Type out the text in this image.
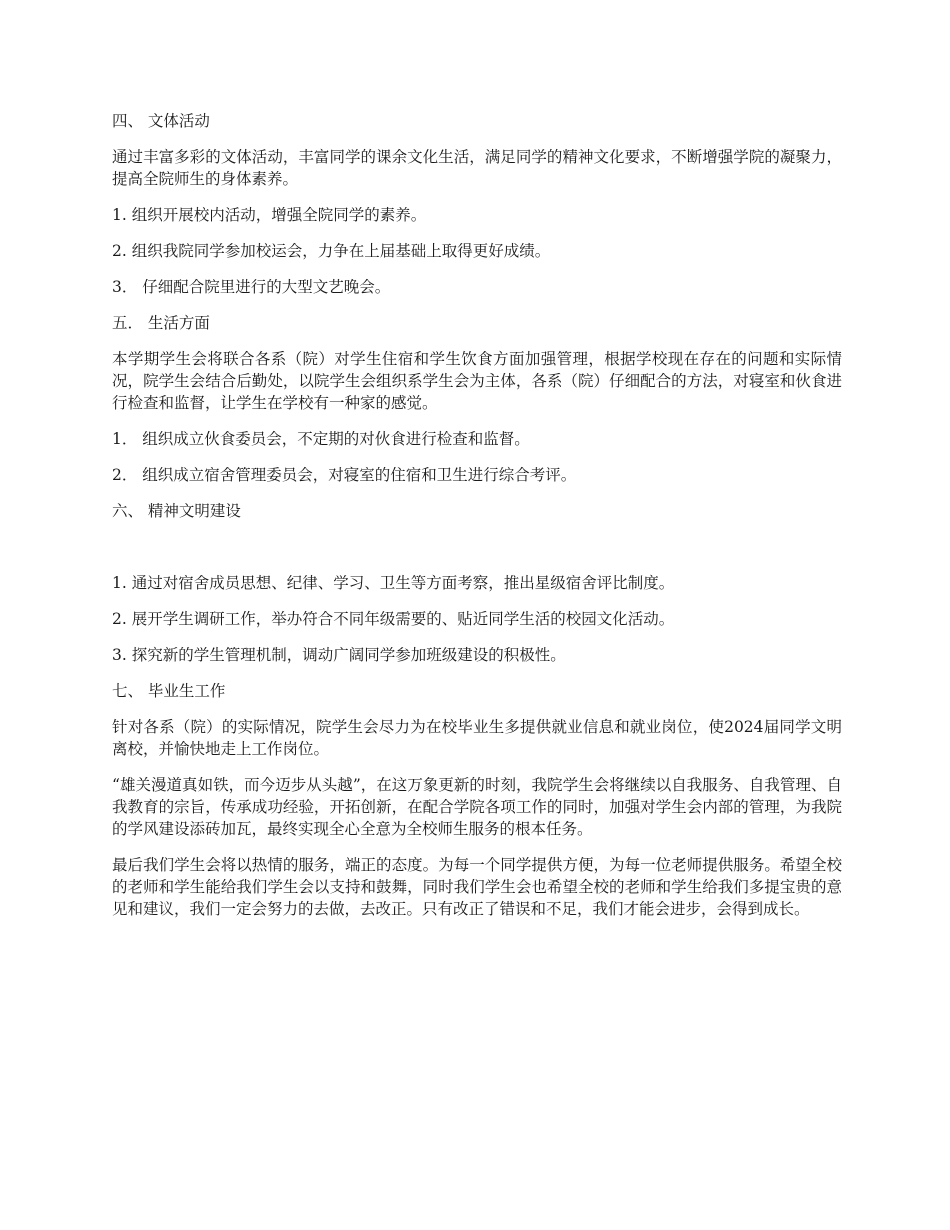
四、 文体活动
通过丰富多彩的文体活动，丰富同学的课余文化生活，满足同学的精神文化要求，不断增强学院的凝聚力，提高全院师生的身体素养。
1. 组织开展校内活动，增强全院同学的素养。
2. 组织我院同学参加校运会，力争在上届基础上取得更好成绩。
3． 仔细配合院里进行的大型文艺晚会。
五． 生活方面
本学期学生会将联合各系（院）对学生住宿和学生饮食方面加强管理，根据学校现在存在的问题和实际情况，院学生会结合后勤处，以院学生会组织系学生会为主体，各系（院）仔细配合的方法，对寝室和伙食进行检查和监督，让学生在学校有一种家的感觉。
1． 组织成立伙食委员会，不定期的对伙食进行检查和监督。
2． 组织成立宿舍管理委员会，对寝室的住宿和卫生进行综合考评。
六、 精神文明建设
1. 通过对宿舍成员思想、纪律、学习、卫生等方面考察，推出星级宿舍评比制度。
2. 展开学生调研工作，举办符合不同年级需要的、贴近同学生活的校园文化活动。
3. 探究新的学生管理机制，调动广阔同学参加班级建设的积极性。
七、 毕业生工作
针对各系（院）的实际情况，院学生会尽力为在校毕业生多提供就业信息和就业岗位，使2024届同学文明离校，并愉快地走上工作岗位。
“雄关漫道真如铁，而今迈步从头越”，在这万象更新的时刻，我院学生会将继续以自我服务、自我管理、自我教育的宗旨，传承成功经验，开拓创新，在配合学院各项工作的同时，加强对学生会内部的管理，为我院的学风建设添砖加瓦，最终实现全心全意为全校师生服务的根本任务。
最后我们学生会将以热情的服务，端正的态度。为每一个同学提供方便，为每一位老师提供服务。希望全校的老师和学生能给我们学生会以支持和鼓舞，同时我们学生会也希望全校的老师和学生给我们多提宝贵的意见和建议，我们一定会努力的去做，去改正。只有改正了错误和不足，我们才能会进步，会得到成长。
